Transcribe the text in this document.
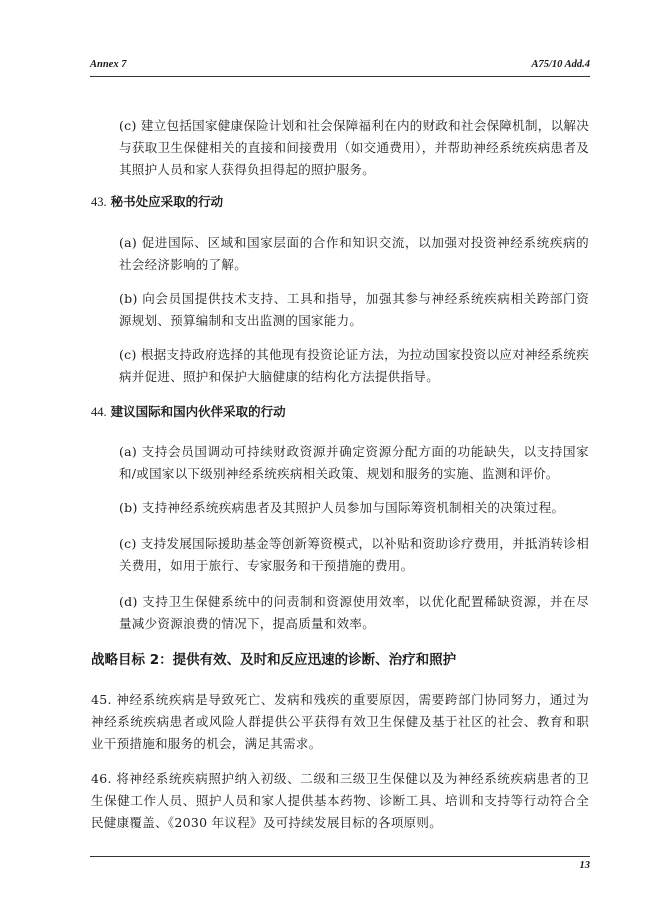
Annex 7	A75/10 Add.4
(c) 建立包括国家健康保险计划和社会保障福利在内的财政和社会保障机制，以解决与获取卫生保健相关的直接和间接费用（如交通费用），并帮助神经系统疾病患者及其照护人员和家人获得负担得起的照护服务。
43. 秘书处应采取的行动
(a) 促进国际、区域和国家层面的合作和知识交流，以加强对投资神经系统疾病的社会经济影响的了解。
(b) 向会员国提供技术支持、工具和指导，加强其参与神经系统疾病相关跨部门资源规划、预算编制和支出监测的国家能力。
(c) 根据支持政府选择的其他现有投资论证方法，为拉动国家投资以应对神经系统疾病并促进、照护和保护大脑健康的结构化方法提供指导。
44. 建议国际和国内伙伴采取的行动
(a) 支持会员国调动可持续财政资源并确定资源分配方面的功能缺失，以支持国家和/或国家以下级别神经系统疾病相关政策、规划和服务的实施、监测和评价。
(b) 支持神经系统疾病患者及其照护人员参加与国际筹资机制相关的决策过程。
(c) 支持发展国际援助基金等创新筹资模式，以补贴和资助诊疗费用，并抵消转诊相关费用，如用于旅行、专家服务和干预措施的费用。
(d) 支持卫生保健系统中的问责制和资源使用效率，以优化配置稀缺资源，并在尽量减少资源浪费的情况下，提高质量和效率。
战略目标 2：提供有效、及时和反应迅速的诊断、治疗和照护
45. 神经系统疾病是导致死亡、发病和残疾的重要原因，需要跨部门协同努力，通过为神经系统疾病患者或风险人群提供公平获得有效卫生保健及基于社区的社会、教育和职业干预措施和服务的机会，满足其需求。
46. 将神经系统疾病照护纳入初级、二级和三级卫生保健以及为神经系统疾病患者的卫生保健工作人员、照护人员和家人提供基本药物、诊断工具、培训和支持等行动符合全民健康覆盖、《2030 年议程》及可持续发展目标的各项原则。
13
